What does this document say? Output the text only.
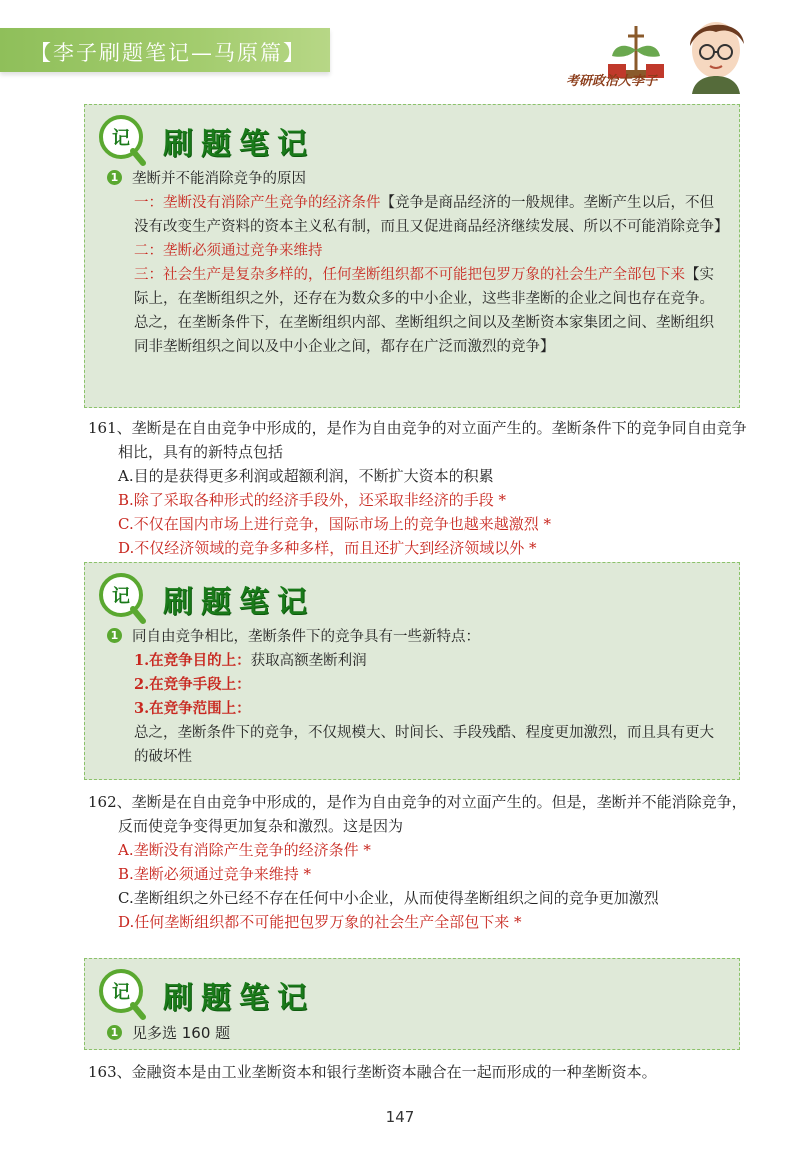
【李子刷题笔记—马原篇】
考研政治大李子
记 刷题笔记

1 垄断并不能消除竞争的原因

一：垄断没有消除产生竞争的经济条件【竞争是商品经济的一般规律。垄断产生以后，不但没有改变生产资料的资本主义私有制，而且又促进商品经济继续发展、所以不可能消除竞争】

二：垄断必须通过竞争来维持

三：社会生产是复杂多样的，任何垄断组织都不可能把包罗万象的社会生产全部包下来【实际上，在垄断组织之外，还存在为数众多的中小企业，这些非垄断的企业之间也存在竞争。总之，在垄断条件下，在垄断组织内部、垄断组织之间以及垄断资本家集团之间、垄断组织同非垄断组织之间以及中小企业之间，都存在广泛而激烈的竞争】

161、垄断是在自由竞争中形成的，是作为自由竞争的对立面产生的。垄断条件下的竞争同自由竞争相比，具有的新特点包括

A.目的是获得更多利润或超额利润，不断扩大资本的积累

B.除了采取各种形式的经济手段外，还采取非经济的手段 *

C.不仅在国内市场上进行竞争，国际市场上的竞争也越来越激烈 *

D.不仅经济领域的竞争多种多样，而且还扩大到经济领域以外 *

记 刷题笔记

1 同自由竞争相比，垄断条件下的竞争具有一些新特点：

1.在竞争目的上：获取高额垄断利润

2.在竞争手段上：

3.在竞争范围上：

总之，垄断条件下的竞争，不仅规模大、时间长、手段残酷、程度更加激烈，而且具有更大的破坏性

162、垄断是在自由竞争中形成的，是作为自由竞争的对立面产生的。但是，垄断并不能消除竞争，反而使竞争变得更加复杂和激烈。这是因为

A.垄断没有消除产生竞争的经济条件 *

B.垄断必须通过竞争来维持 *

C.垄断组织之外已经不存在任何中小企业，从而使得垄断组织之间的竞争更加激烈

D.任何垄断组织都不可能把包罗万象的社会生产全部包下来 *

记 刷题笔记

1 见多选 160 题

163、金融资本是由工业垄断资本和银行垄断资本融合在一起而形成的一种垄断资本。

147
